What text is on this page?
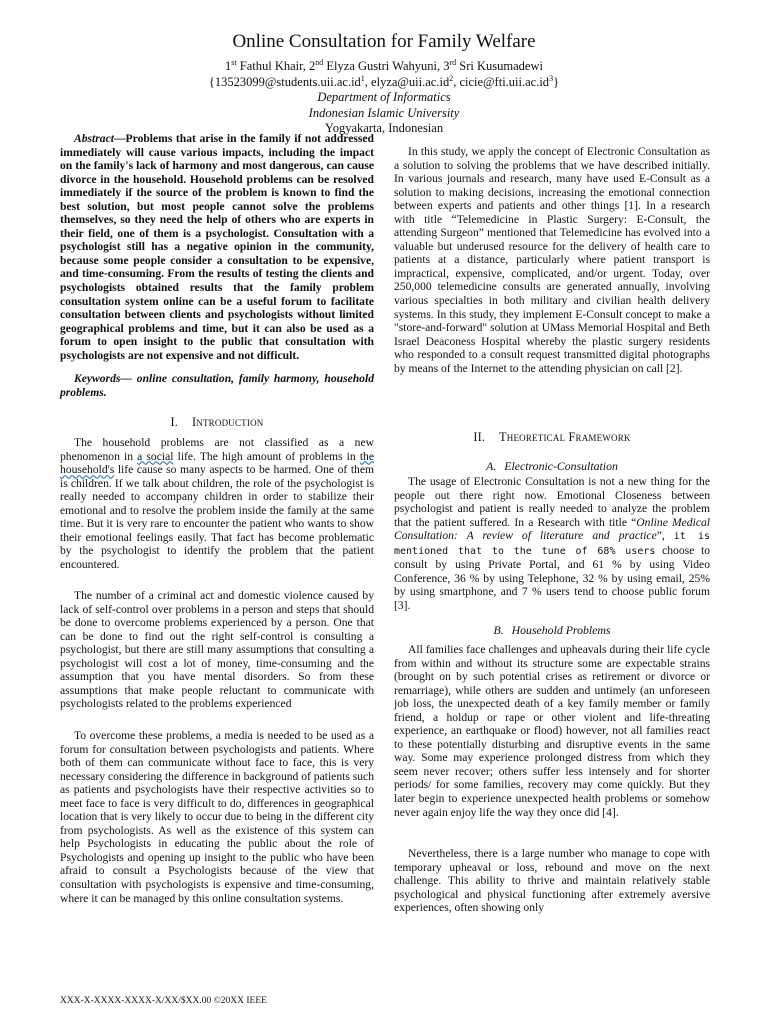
Online Consultation for Family Welfare
1st Fathul Khair, 2nd Elyza Gustri Wahyuni, 3rd Sri Kusumadewi
{$13523099@students.uii.ac.id^1$, $elyza@uii.ac.id^2$, $cicie@fti.uii.ac.id^3$}
Department of Informatics
Indonesian Islamic University
Yogyakarta, Indonesian

Abstract—Problems that arise in the family if not addressed immediately will cause various impacts, including the impact on the family's lack of harmony and most dangerous, can cause divorce in the household. Household problems can be resolved immediately if the source of the problem is known to find the best solution, but most people cannot solve the problems themselves, so they need the help of others who are experts in their field, one of them is a psychologist. Consultation with a psychologist still has a negative opinion in the community, because some people consider a consultation to be expensive, and time-consuming. From the results of testing the clients and psychologists obtained results that the family problem consultation system online can be a useful forum to facilitate consultation between clients and psychologists without limited geographical problems and time, but it can also be used as a forum to open insight to the public that consultation with psychologists are not expensive and not difficult.

Keywords— online consultation, family harmony, household problems.

I. Introduction

The household problems are not classified as a new phenomenon in a social life. The high amount of problems in the household's life cause so many aspects to be harmed. One of them is children. If we talk about children, the role of the psychologist is really needed to accompany children in order to stabilize their emotional and to resolve the problem inside the family at the same time. But it is very rare to encounter the patient who wants to show their emotional feelings easily. That fact has become problematic by the psychologist to identify the problem that the patient encountered.

The number of a criminal act and domestic violence caused by lack of self-control over problems in a person and steps that should be done to overcome problems experienced by a person. One that can be done to find out the right self-control is consulting a psychologist, but there are still many assumptions that consulting a psychologist will cost a lot of money, time-consuming and the assumption that you have mental disorders. So from these assumptions that make people reluctant to communicate with psychologists related to the problems experienced

To overcome these problems, a media is needed to be used as a forum for consultation between psychologists and patients. Where both of them can communicate without face to face, this is very necessary considering the difference in background of patients such as patients and psychologists have their respective activities so to meet face to face is very difficult to do, differences in geographical location that is very likely to occur due to being in the different city from psychologists. As well as the existence of this system can help Psychologists in educating the public about the role of Psychologists and opening up insight to the public who have been afraid to consult a Psychologists because of the view that consultation with psychologists is expensive and time-consuming, where it can be managed by this online consultation systems.

In this study, we apply the concept of Electronic Consultation as a solution to solving the problems that we have described initially. In various journals and research, many have used E-Consult as a solution to making decisions, increasing the emotional connection between experts and patients and other things [1]. In a research with title “Telemedicine in Plastic Surgery: E-Consult, the attending Surgeon” mentioned that Telemedicine has evolved into a valuable but underused resource for the delivery of health care to patients at a distance, particularly where patient transport is impractical, expensive, complicated, and/or urgent. Today, over 250,000 telemedicine consults are generated annually, involving various specialties in both military and civilian health delivery systems. In this study, they implement E-Consult concept to make a "store-and-forward" solution at UMass Memorial Hospital and Beth Israel Deaconess Hospital whereby the plastic surgery residents who responded to a consult request transmitted digital photographs by means of the Internet to the attending physician on call [2].

II. Theoretical Framework
A. Electronic-Consultation

The usage of Electronic Consultation is not a new thing for the people out there right now. Emotional Closeness between psychologist and patient is really needed to analyze the problem that the patient suffered. In a Research with title “Online Medical Consultation: A review of literature and practice”, it is mentioned that to the tune of 68% users choose to consult by using Private Portal, and 61 % by using Video Conference, 36 % by using Telephone, 32 % by using email, 25% by using smartphone, and 7 % users tend to choose public forum [3].

B. Household Problems

All families face challenges and upheavals during their life cycle from within and without its structure some are expectable strains (brought on by such potential crises as retirement or divorce or remarriage), while others are sudden and untimely (an unforeseen job loss, the unexpected death of a key family member or family friend, a holdup or rape or other violent and life-threating experience, an earthquake or flood) however, not all families react to these potentially disturbing and disruptive events in the same way. Some may experience prolonged distress from which they seem never recover; others suffer less intensely and for shorter periods/ for some families, recovery may come quickly. But they later begin to experience unexpected health problems or somehow never again enjoy life the way they once did [4].

Nevertheless, there is a large number who manage to cope with temporary upheaval or loss, rebound and move on the next challenge. This ability to thrive and maintain relatively stable psychological and physical functioning after extremely aversive experiences, often showing only

XXX-X-XXXX-XXXX-X/XX/$XX.00 ©20XX IEEE
